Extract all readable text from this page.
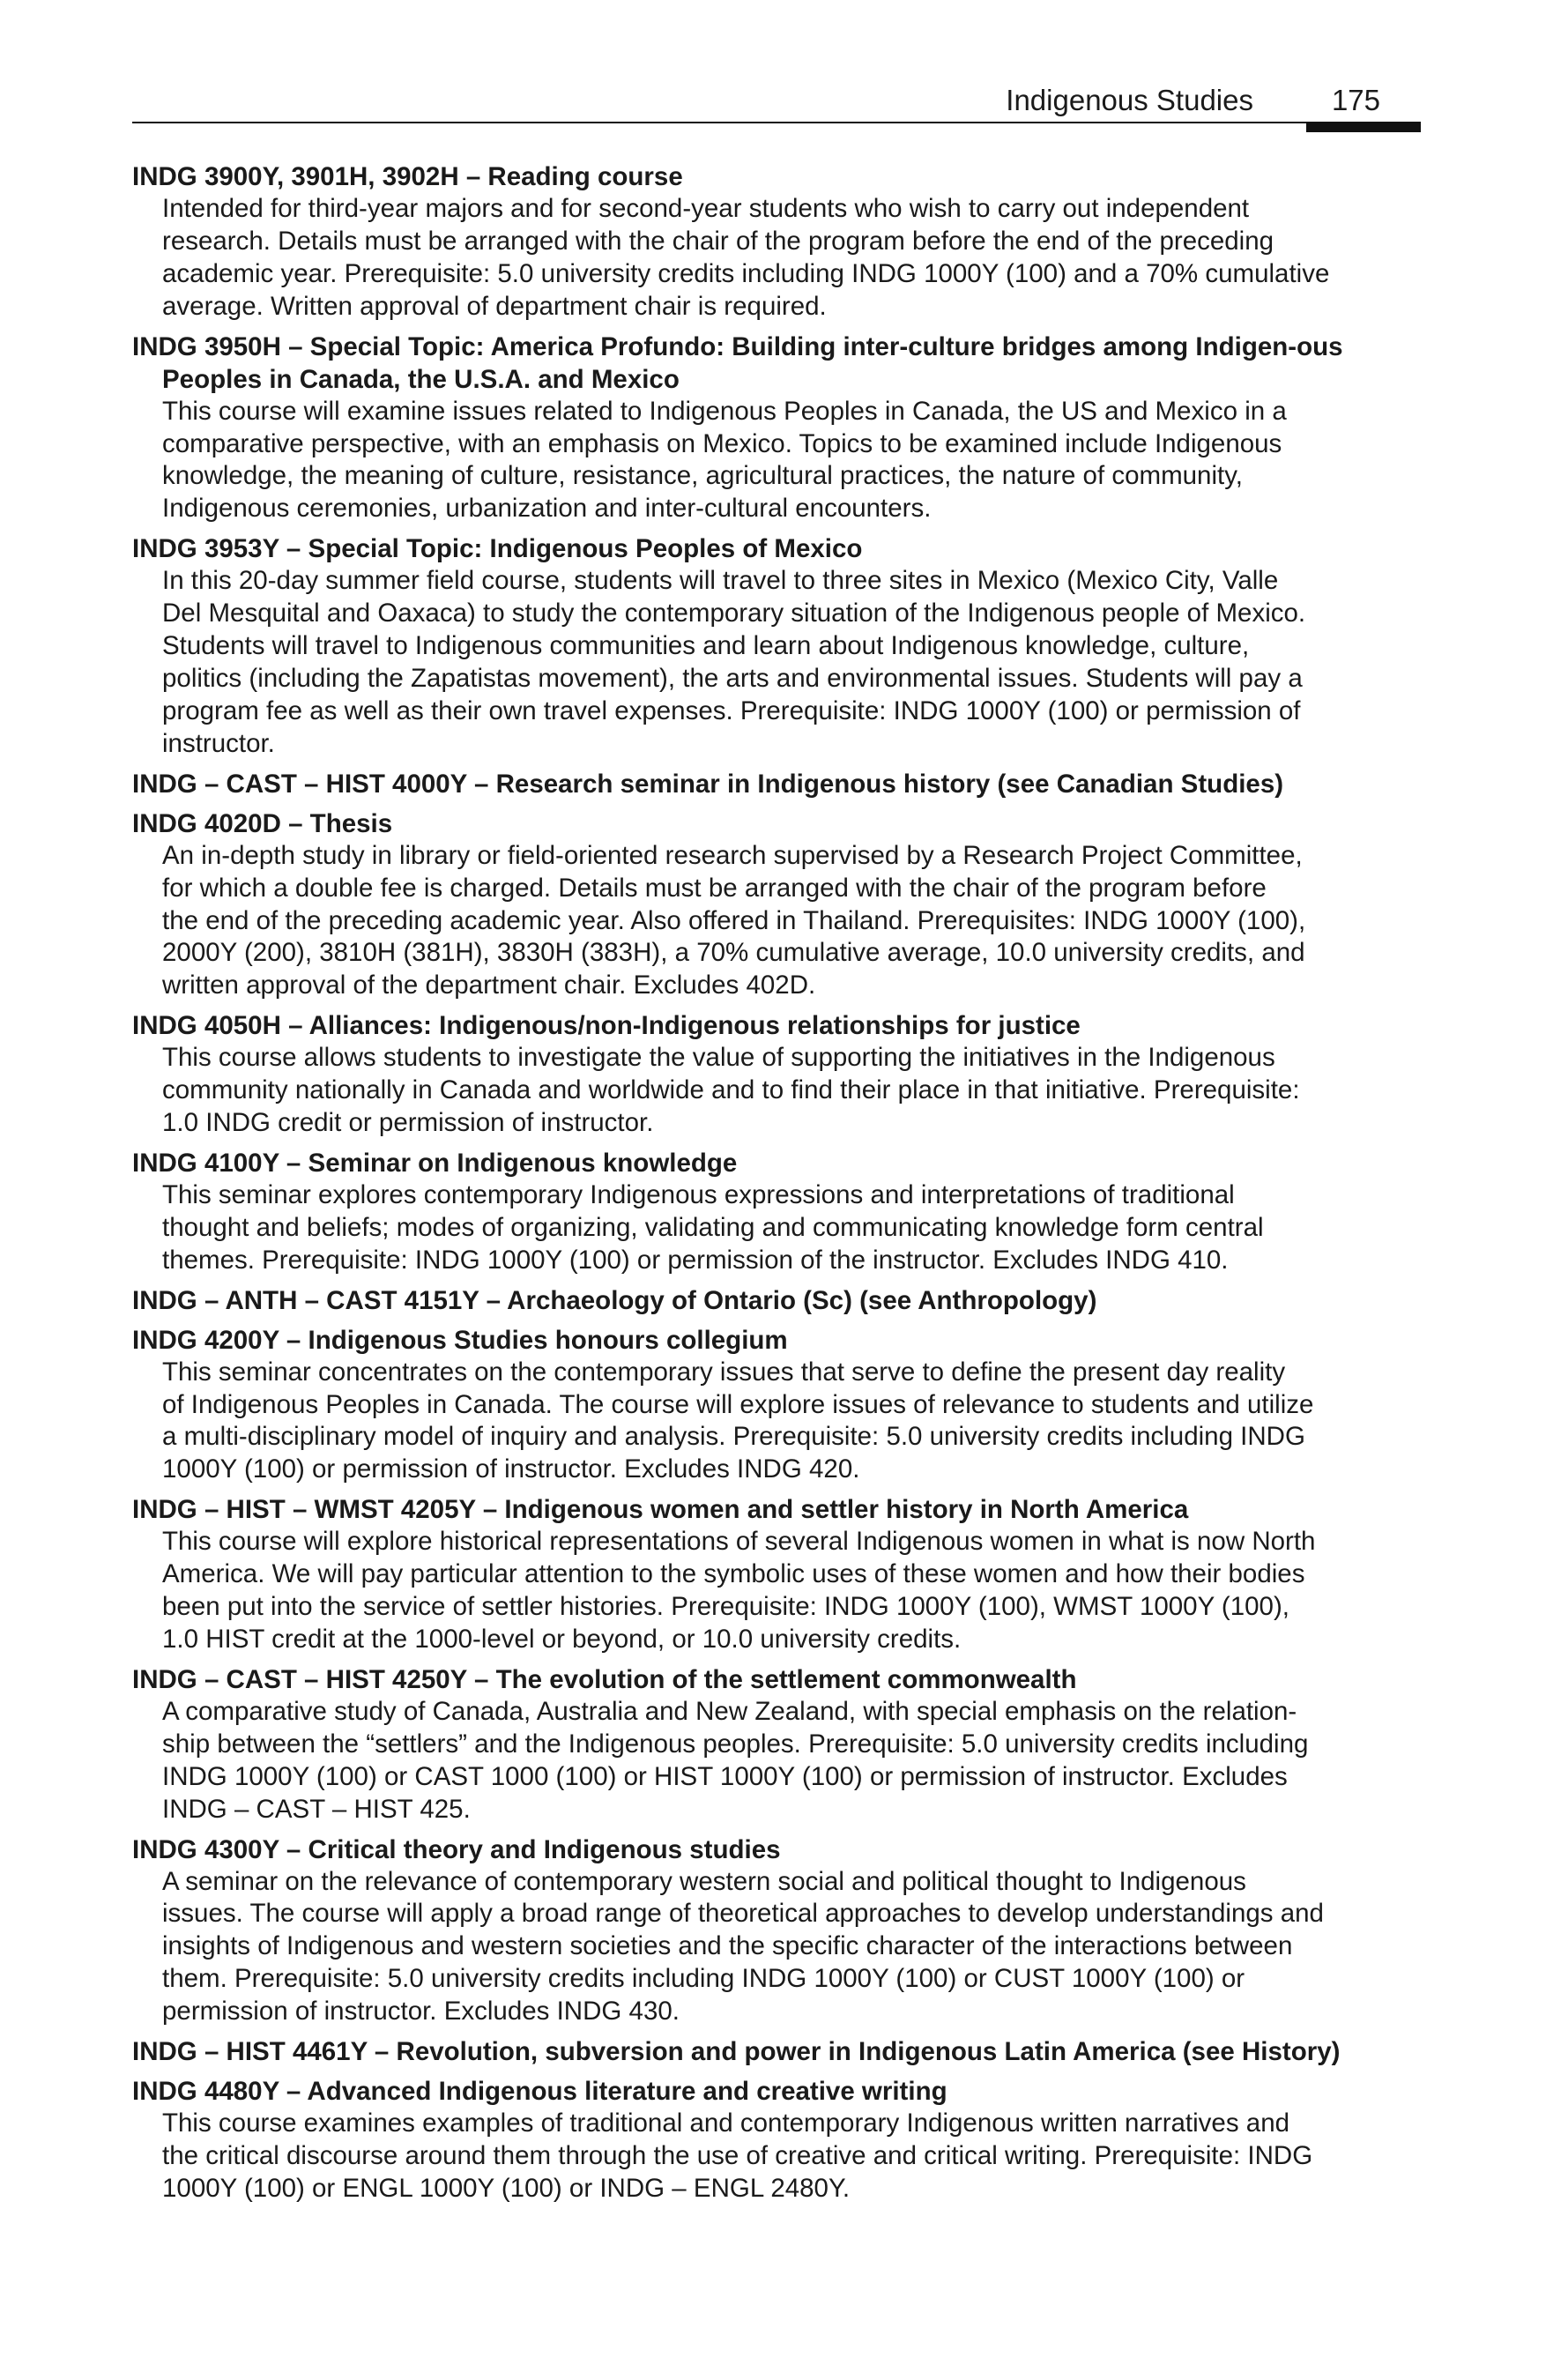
Indigenous Studies	175
INDG 3900Y, 3901H, 3902H – Reading course
Intended for third-year majors and for second-year students who wish to carry out independent
research. Details must be arranged with the chair of the program before the end of the preceding
academic year. Prerequisite: 5.0 university credits including INDG 1000Y (100) and a 70% cumulative
average. Written approval of department chair is required.
INDG 3950H – Special Topic: America Profundo: Building inter-culture bridges among Indigen-ous Peoples in Canada, the U.S.A. and Mexico
This course will examine issues related to Indigenous Peoples in Canada, the US and Mexico in a
comparative perspective, with an emphasis on Mexico. Topics to be examined include Indigenous
knowledge, the meaning of culture, resistance, agricultural practices, the nature of community,
Indigenous ceremonies, urbanization and inter-cultural encounters.
INDG 3953Y – Special Topic: Indigenous Peoples of Mexico
In this 20-day summer field course, students will travel to three sites in Mexico (Mexico City, Valle
Del Mesquital and Oaxaca) to study the contemporary situation of the Indigenous people of Mexico.
Students will travel to Indigenous communities and learn about Indigenous knowledge, culture,
politics (including the Zapatistas movement), the arts and environmental issues. Students will pay a
program fee as well as their own travel expenses. Prerequisite: INDG 1000Y (100) or permission of
instructor.
INDG – CAST – HIST 4000Y – Research seminar in Indigenous history (see Canadian Studies)
INDG 4020D – Thesis
An in-depth study in library or field-oriented research supervised by a Research Project Committee,
for which a double fee is charged. Details must be arranged with the chair of the program before
the end of the preceding academic year. Also offered in Thailand. Prerequisites: INDG 1000Y (100),
2000Y (200), 3810H (381H), 3830H (383H), a 70% cumulative average, 10.0 university credits, and
written approval of the department chair. Excludes 402D.
INDG 4050H – Alliances: Indigenous/non-Indigenous relationships for justice
This course allows students to investigate the value of supporting the initiatives in the Indigenous
community nationally in Canada and worldwide and to find their place in that initiative. Prerequisite:
1.0 INDG credit or permission of instructor.
INDG 4100Y – Seminar on Indigenous knowledge
This seminar explores contemporary Indigenous expressions and interpretations of traditional
thought and beliefs; modes of organizing, validating and communicating knowledge form central
themes. Prerequisite: INDG 1000Y (100) or permission of the instructor. Excludes INDG 410.
INDG – ANTH – CAST 4151Y – Archaeology of Ontario (Sc) (see Anthropology)
INDG 4200Y – Indigenous Studies honours collegium
This seminar concentrates on the contemporary issues that serve to define the present day reality
of Indigenous Peoples in Canada. The course will explore issues of relevance to students and utilize
a multi-disciplinary model of inquiry and analysis. Prerequisite: 5.0 university credits including INDG
1000Y (100) or permission of instructor. Excludes INDG 420.
INDG – HIST – WMST 4205Y – Indigenous women and settler history in North America
This course will explore historical representations of several Indigenous women in what is now North
America. We will pay particular attention to the symbolic uses of these women and how their bodies
been put into the service of settler histories. Prerequisite: INDG 1000Y (100), WMST 1000Y (100),
1.0 HIST credit at the 1000-level or beyond, or 10.0 university credits.
INDG – CAST – HIST 4250Y – The evolution of the settlement commonwealth
A comparative study of Canada, Australia and New Zealand, with special emphasis on the relation-
ship between the “settlers” and the Indigenous peoples. Prerequisite: 5.0 university credits including
INDG 1000Y (100) or CAST 1000 (100) or HIST 1000Y (100) or permission of instructor. Excludes
INDG – CAST – HIST 425.
INDG 4300Y – Critical theory and Indigenous studies
A seminar on the relevance of contemporary western social and political thought to Indigenous
issues. The course will apply a broad range of theoretical approaches to develop understandings and
insights of Indigenous and western societies and the specific character of the interactions between
them. Prerequisite: 5.0 university credits including INDG 1000Y (100) or CUST 1000Y (100) or
permission of instructor. Excludes INDG 430.
INDG – HIST 4461Y – Revolution, subversion and power in Indigenous Latin America (see History)
INDG 4480Y – Advanced Indigenous literature and creative writing
This course examines examples of traditional and contemporary Indigenous written narratives and
the critical discourse around them through the use of creative and critical writing. Prerequisite: INDG
1000Y (100) or ENGL 1000Y (100) or INDG – ENGL 2480Y.
